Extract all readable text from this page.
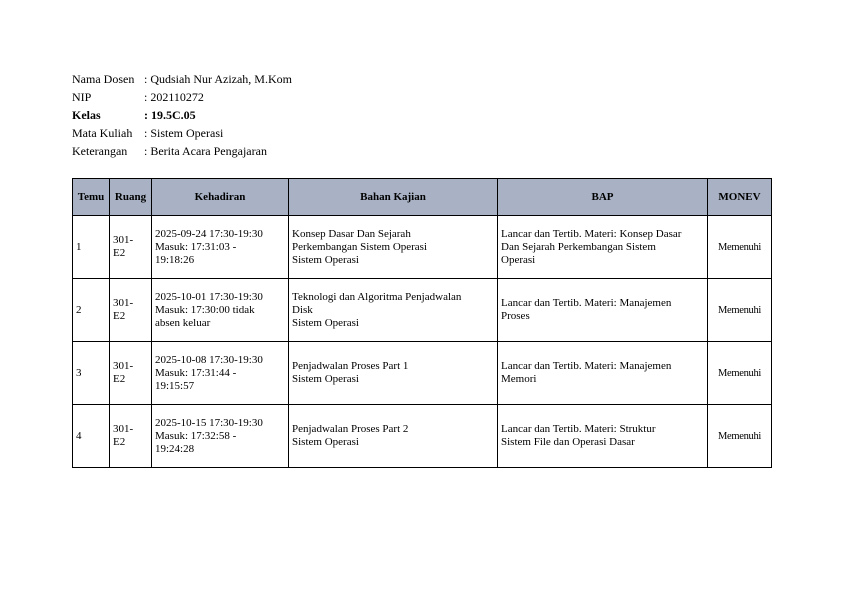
Nama Dosen : Qudsiah Nur Azizah, M.Kom
NIP	: 202110272
Kelas	: 19.5C.05
Mata Kuliah : Sistem Operasi
Keterangan	: Berita Acara Pengajaran
Temu	Ruang	Kehadiran	Bahan Kajian	BAP	MONEV
1	301-
E2	2025-09-24 17:30-19:30
Masuk: 17:31:03 -
19:18:26	Konsep Dasar Dan Sejarah
Perkembangan Sistem Operasi
Sistem Operasi	Lancar dan Tertib. Materi: Konsep Dasar
Dan Sejarah Perkembangan Sistem
Operasi	Memenuhi
2	301-
E2	2025-10-01 17:30-19:30
Masuk: 17:30:00 tidak
absen keluar	Teknologi dan Algoritma Penjadwalan
Disk
Sistem Operasi	Lancar dan Tertib. Materi: Manajemen
Proses	Memenuhi
3	301-
E2	2025-10-08 17:30-19:30
Masuk: 17:31:44 -
19:15:57	Penjadwalan Proses Part 1
Sistem Operasi	Lancar dan Tertib. Materi: Manajemen
Memori	Memenuhi
4	301-
E2	2025-10-15 17:30-19:30
Masuk: 17:32:58 -
19:24:28	Penjadwalan Proses Part 2
Sistem Operasi	Lancar dan Tertib. Materi: Struktur
Sistem File dan Operasi Dasar	Memenuhi
